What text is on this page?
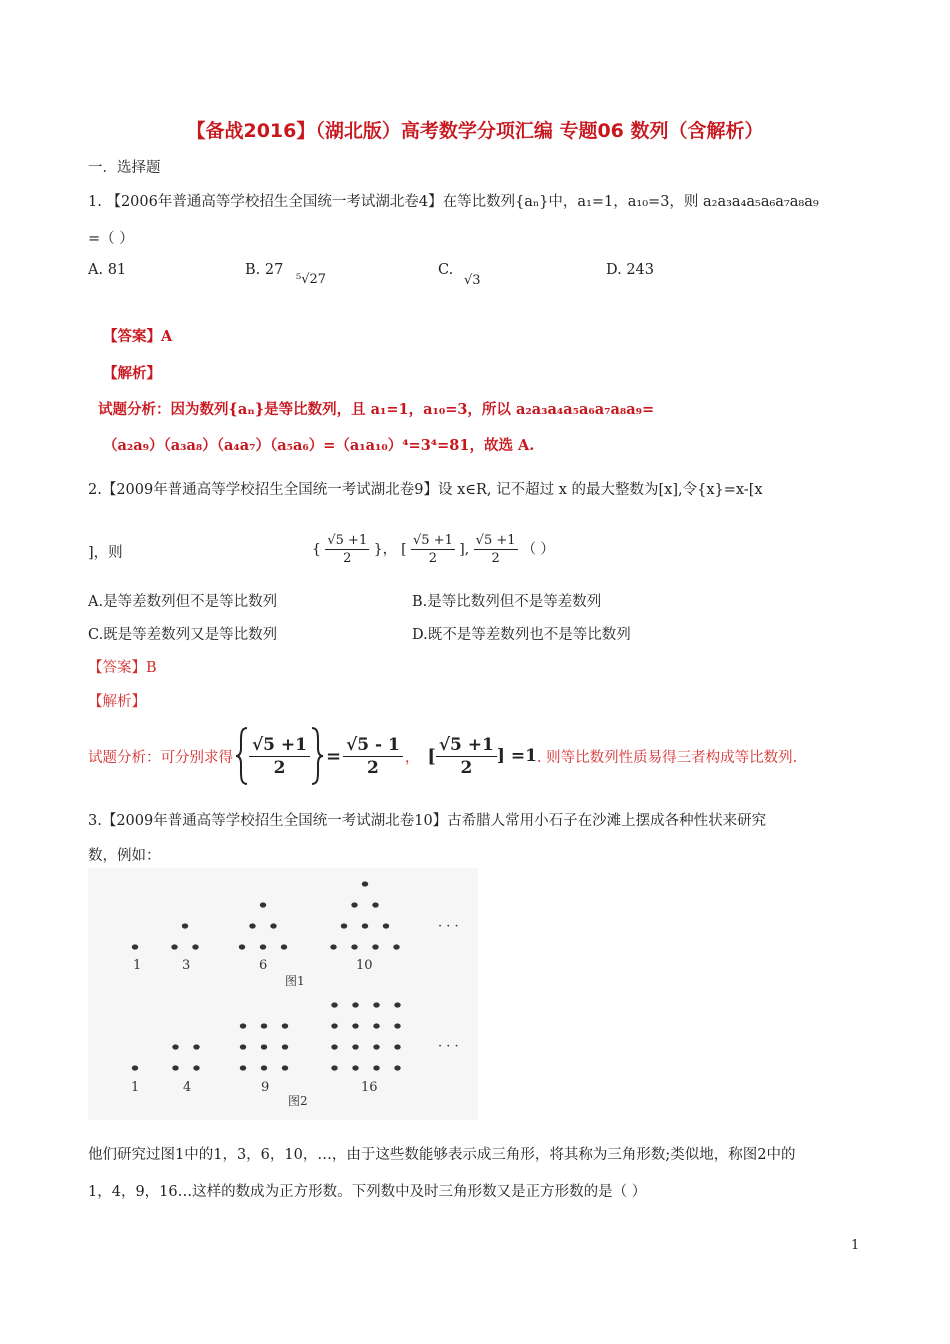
【备战2016】（湖北版）高考数学分项汇编 专题06 数列（含解析）
一．选择题
1. 【2006年普通高等学校招生全国统一考试湖北卷4】在等比数列{aₙ}中，a₁=1，a₁₀=3，则 a₂a₃a₄a₅a₆a₇a₈a₉
=（ ）
A. 81	B. 27
⁵√27
C.
√3
D. 243
【答案】A
【解析】
试题分析：因为数列{aₙ}是等比数列，且 a₁=1，a₁₀=3，所以 a₂a₃a₄a₅a₆a₇a₈a₉=
（a₂a₉）（a₃a₈）（a₄a₇）（a₅a₆）=（a₁a₁₀）⁴=3⁴=81，故选 A.
2.【2009年普通高等学校招生全国统一考试湖北卷9】设 x∈R, 记不超过 x 的最大整数为[x],令{x}=x-[x
]，则	{ $\frac{√5 +1}{2}$ }， [ $\frac{√5 +1}{2}$ ], $\frac{√5 +1}{2}$ （ ）
A.是等差数列但不是等比数列	B.是等比数列但不是等差数列
C.既是等差数列又是等比数列	D.既不是等差数列也不是等比数列
【答案】B
【解析】
试题分析：可分别求得 $\frac{√5 +1}{2} = \frac{√5 - 1}{2}$ ， [ $\frac{√5 +1}{2}$ ] =1 . 则等比数列性质易得三者构成等比数列.
3.【2009年普通高等学校招生全国统一考试湖北卷10】古希腊人常用小石子在沙滩上摆成各种性状来研究
数，例如：
1	3	6	10
图1
· · ·
1	4	9	16
图2
· · ·
他们研究过图1中的1，3，6，10，…，由于这些数能够表示成三角形，将其称为三角形数;类似地，称图2中的
1，4，9，16…这样的数成为正方形数。下列数中及时三角形数又是正方形数的是（ ）
1
